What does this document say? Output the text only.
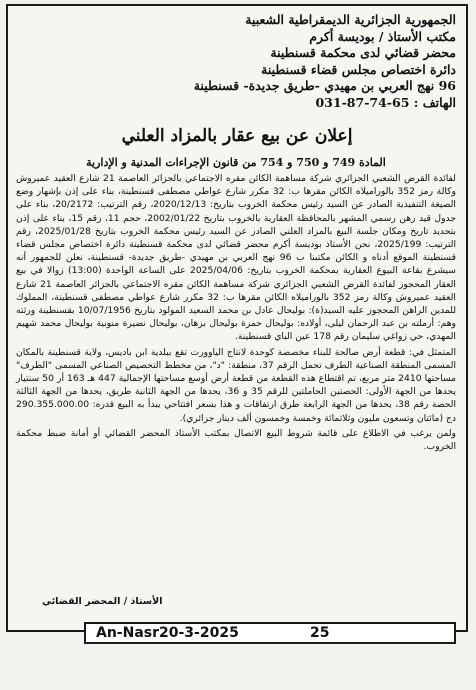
الجمهورية الجزائرية الديمقراطية الشعبية
مكتب الأستاذ / بوديسة أكرم
محضر قضائي لدى محكمة قسنطينة
دائرة اختصاص مجلس قضاء قسنطينة
96 نهج العربي بن مهيدي -طريق جديدة- قسنطينة
الهاتف : 65-74-87-031
إعلان عن بيع عقار بالمزاد العلني

المادة 749 و 750 و 754 من قانون الإجراءات المدنية و الإدارية

لفائدة القرض الشعبي الجزائري شركة مساهمة الكائن مقره الاجتماعي بالجزائر العاصمة 21 شارع العقيد عميروش وكالة رمز 352 بالوراميلاه الكائن مقرها ب: 32 مكرر شارع عواطي مصطفى قسنطينة، بناء على إذن بإشهار وضع الصيغة التنفيذية الصادر عن السيد رئيس محكمة الخروب بتاريخ: 2020/12/13، رقم الترتيب: 20/2172، بناء على جدول قيد رهن رسمي المشهر بالمحافظة العقارية بالخروب بتاريخ 2002/01/22، حجم 11، رقم 15، بناء على إذن بتحديد تاريخ ومكان جلسة البيع بالمزاد العلني الصادر عن السيد رئيس محكمة الخروب بتاريخ 2025/01/28، رقم الترتيب: 2025/199، نحن الأستاذ بوديسة أكرم محضر قضائي لدى محكمة قسنطينة دائرة اختصاص مجلس قضاء قسنطينة الموقع أدناه و الكائن مكتبنا ب 96 نهج العربي بن مهيدي -طريق جديدة- قسنطينة، نعلن للجمهور أنه سيشرع بقاعة البيوع العقارية بمحكمة الخروب بتاريخ: 2025/04/06 على الساعة الواحدة (13:00) زوالا في بيع العقار المحجوز لفائدة القرض الشعبي الجزائري شركة مساهمة الكائن مقره الاجتماعي بالجزائر العاصمة 21 شارع العقيد عميروش وكالة رمز 352 بالوراميلاه الكائن مقرها ب: 32 مكرر شارع عواطي مصطفى قسنطينة، المملوك للمدين الراهن المحجوز عليه السيد(ة): بوليحال عادل بن محمد السعيد المولود بتاريخ 10/07/1956 بقسنطينة ورثته وهم: أرملته بن عبد الرحمان ليلى، أولاده: بوليحال حمزة بوليحال برهان، بوليحال نضيرة منوبية بوليحال محمد شهيم المهدي، حي زواغي سليمان رقم 178 عين الباي قسنطينة.

المتمثل في: قطعة أرض صالحة للبناء مخصصة كوحدة لانتاج الياوورت تقع ببلدية ابن باديس، ولاية قسنطينة بالمكان المسمى المنطقة الصناعية الطرف تحمل الرقم 37، منطقة: "د"، من مخطط التحصيص الصناعي المسمى "الطرف" مساحتها 2410 متر مربع، تم اقتطاع هذه القطعة من قطعة أرض أوسع مساحتها الإجمالية 447 هـ 163 أر 50 سنتيار يحدها من الجهة الأولى: الحصتين الحاملتين للرقم 35 و 36، يحدها من الجهة الثانية طريق، يحدها من الجهة الثالثة الحصة رقم 38، يحدها من الجهة الرابعة طرق ارتفاقات و هذا بسعر افتتاحي يبدأ به البيع قدره: 290.355.000.00 دج (مائتان وتسعون مليون وثلاثمائة وخمسة وخمسون ألف دينار جزائري).

ولمن يرغب في الاطلاع على قائمة شروط البيع الاتصال بمكتب الأستاذ المحضر القضائي أو أمانة ضبط محكمة الخروب.

الأستاذ / المحضر القضائي
An-Nasr20-3-2025	25
